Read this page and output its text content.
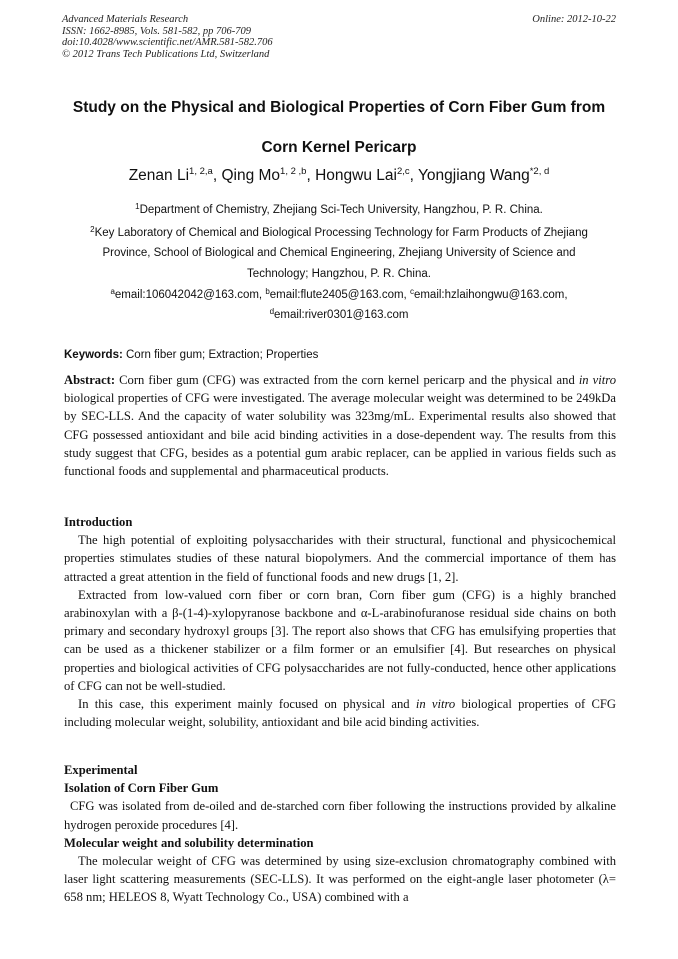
Advanced Materials Research
ISSN: 1662-8985, Vols. 581-582, pp 706-709
doi:10.4028/www.scientific.net/AMR.581-582.706
© 2012 Trans Tech Publications Ltd, Switzerland
Online: 2012-10-22
Study on the Physical and Biological Properties of Corn Fiber Gum from
Corn Kernel Pericarp
Zenan Li$^{1, 2,a}$, Qing Mo$^{1, 2 ,b}$, Hongwu Lai$^{2,c}$, Yongjiang Wang$^{*2, d}$
$^1$Department of Chemistry, Zhejiang Sci-Tech University, Hangzhou, P. R. China.
$^2$Key Laboratory of Chemical and Biological Processing Technology for Farm Products of Zhejiang
Province, School of Biological and Chemical Engineering, Zhejiang University of Science and
Technology; Hangzhou, P. R. China.
$^a$email:106042042@163.com, $^b$email:flute2405@163.com, $^c$email:hzlaihongwu@163.com,
$^d$email:river0301@163.com
Keywords: Corn fiber gum; Extraction; Properties

Abstract: Corn fiber gum (CFG) was extracted from the corn kernel pericarp and the physical and in vitro biological properties of CFG were investigated. The average molecular weight was determined to be 249kDa by SEC-LLS. And the capacity of water solubility was 323mg/mL. Experimental results also showed that CFG possessed antioxidant and bile acid binding activities in a dose-dependent way. The results from this study suggest that CFG, besides as a potential gum arabic replacer, can be applied in various fields such as functional foods and supplemental and pharmaceutical products.

Introduction

The high potential of exploiting polysaccharides with their structural, functional and physicochemical properties stimulates studies of these natural biopolymers. And the commercial importance of them has attracted a great attention in the field of functional foods and new drugs [1, 2].

Extracted from low-valued corn fiber or corn bran, Corn fiber gum (CFG) is a highly branched arabinoxylan with a β-(1-4)-xylopyranose backbone and α-L-arabinofuranose residual side chains on both primary and secondary hydroxyl groups [3]. The report also shows that CFG has emulsifying properties that can be used as a thickener stabilizer or a film former or an emulsifier [4]. But researches on physical properties and biological activities of CFG polysaccharides are not fully-conducted, hence other applications of CFG can not be well-studied.

In this case, this experiment mainly focused on physical and in vitro biological properties of CFG including molecular weight, solubility, antioxidant and bile acid binding activities.

Experimental
Isolation of Corn Fiber Gum

CFG was isolated from de-oiled and de-starched corn fiber following the instructions provided by alkaline hydrogen peroxide procedures [4].

Molecular weight and solubility determination

The molecular weight of CFG was determined by using size-exclusion chromatography combined with laser light scattering measurements (SEC-LLS). It was performed on the eight-angle laser photometer (λ= 658 nm; HELEOS 8, Wyatt Technology Co., USA) combined with a
